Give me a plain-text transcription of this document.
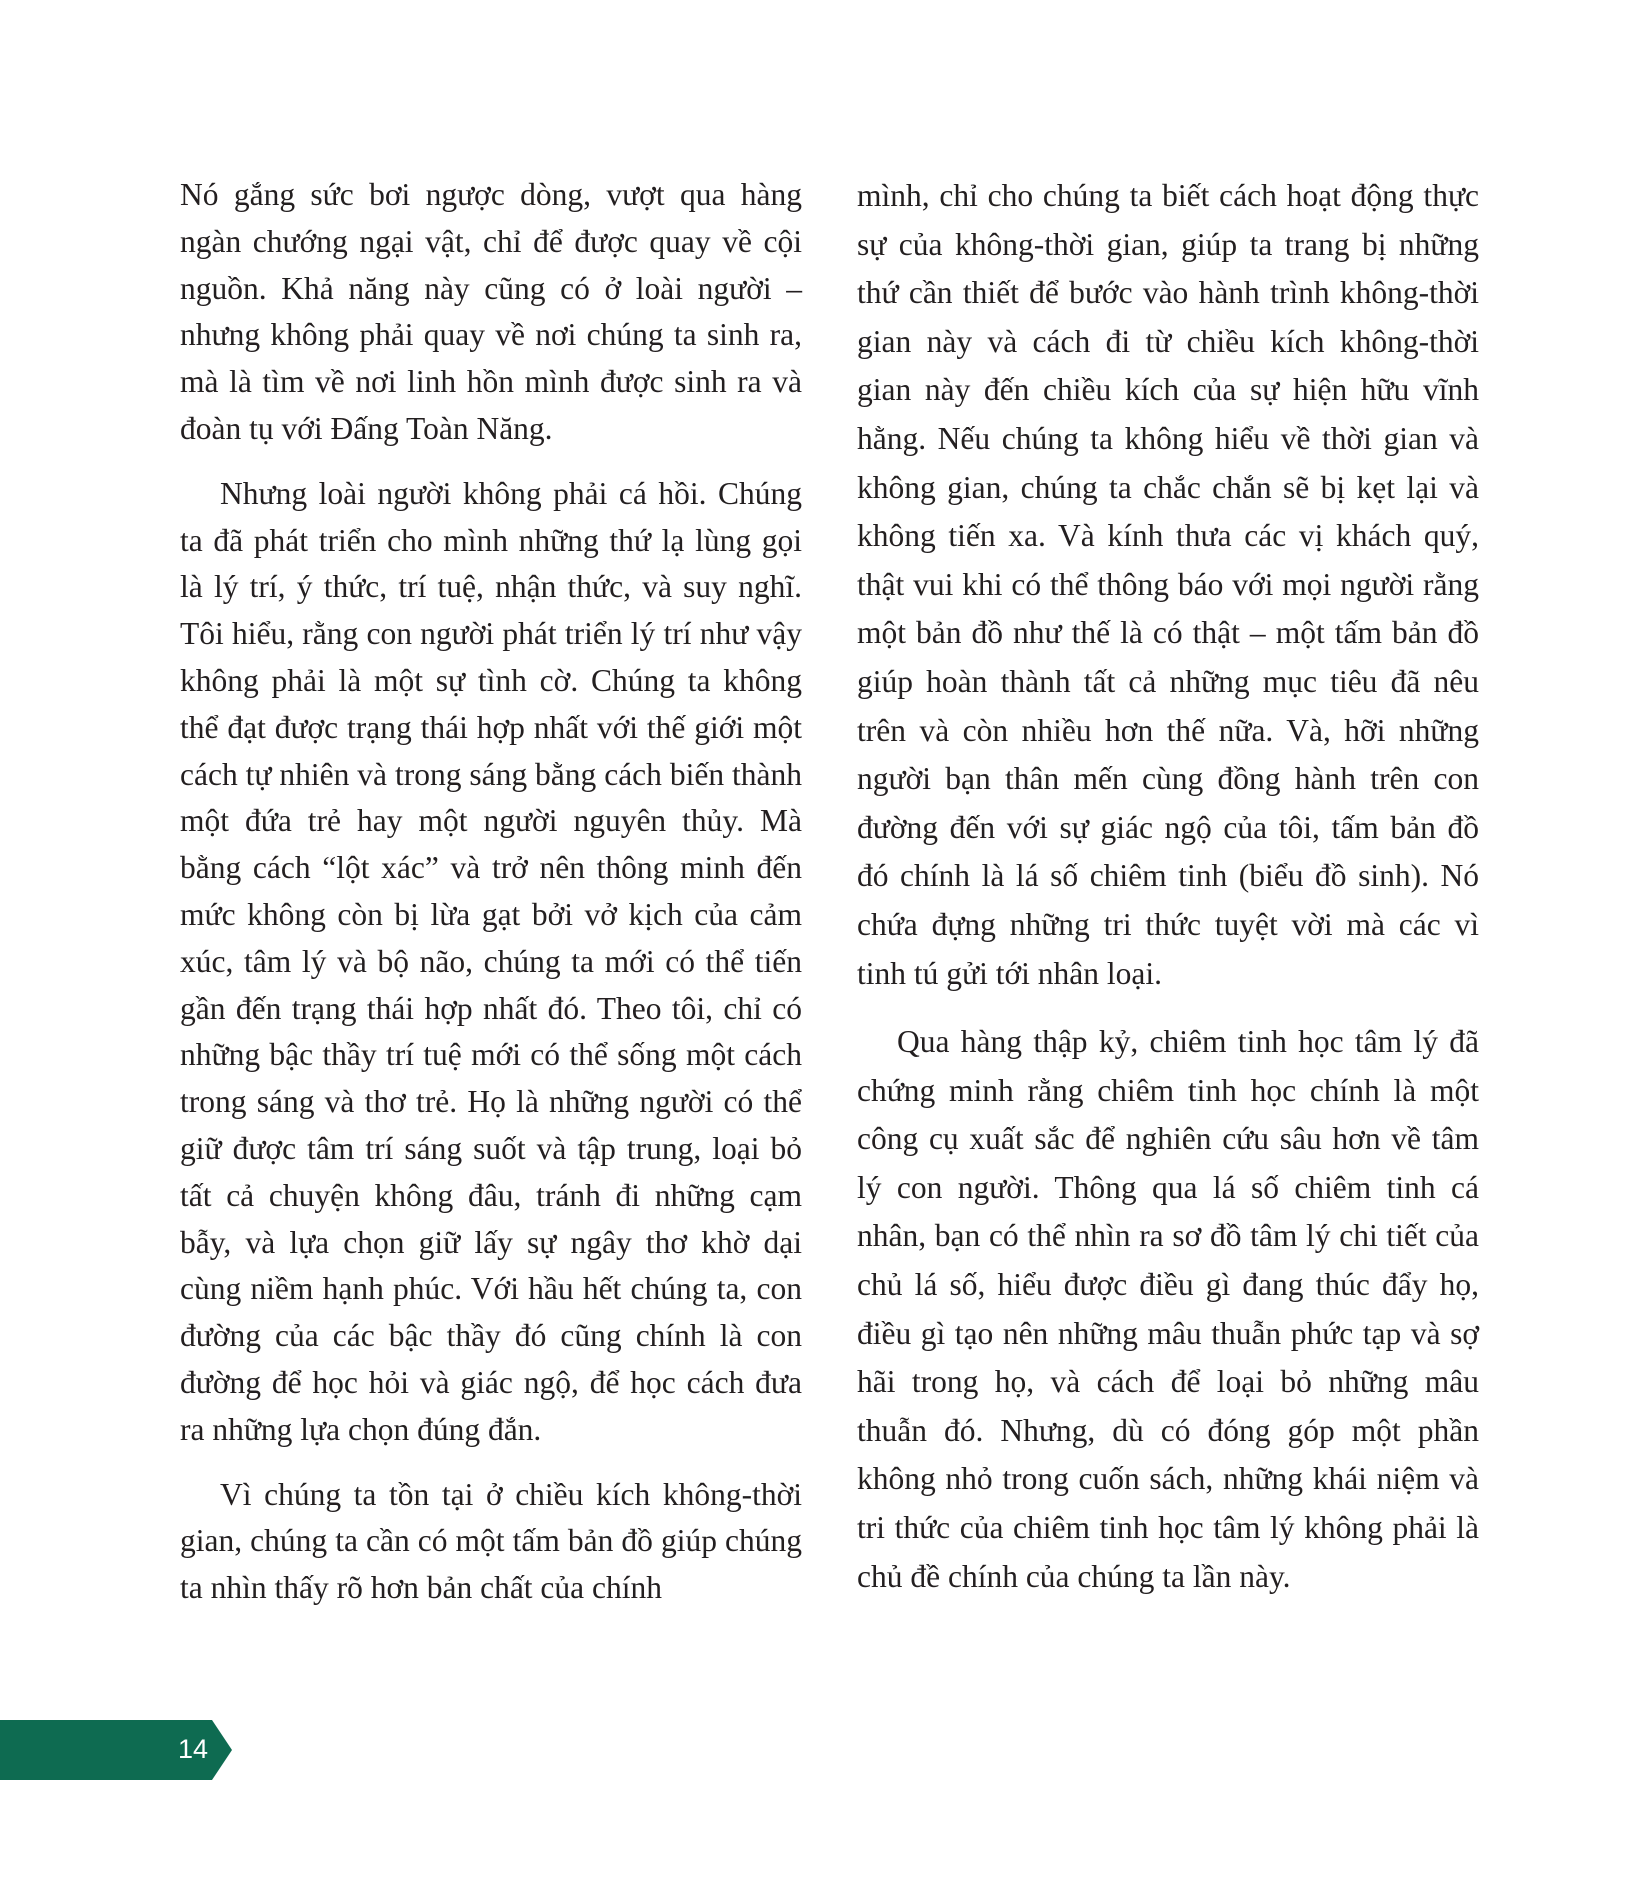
Nó gắng sức bơi ngược dòng, vượt qua hàng ngàn chướng ngại vật, chỉ để được quay về cội nguồn. Khả năng này cũng có ở loài người – nhưng không phải quay về nơi chúng ta sinh ra, mà là tìm về nơi linh hồn mình được sinh ra và đoàn tụ với Đấng Toàn Năng.

Nhưng loài người không phải cá hồi. Chúng ta đã phát triển cho mình những thứ lạ lùng gọi là lý trí, ý thức, trí tuệ, nhận thức, và suy nghĩ. Tôi hiểu, rằng con người phát triển lý trí như vậy không phải là một sự tình cờ. Chúng ta không thể đạt được trạng thái hợp nhất với thế giới một cách tự nhiên và trong sáng bằng cách biến thành một đứa trẻ hay một người nguyên thủy. Mà bằng cách “lột xác” và trở nên thông minh đến mức không còn bị lừa gạt bởi vở kịch của cảm xúc, tâm lý và bộ não, chúng ta mới có thể tiến gần đến trạng thái hợp nhất đó. Theo tôi, chỉ có những bậc thầy trí tuệ mới có thể sống một cách trong sáng và thơ trẻ. Họ là những người có thể giữ được tâm trí sáng suốt và tập trung, loại bỏ tất cả chuyện không đâu, tránh đi những cạm bẫy, và lựa chọn giữ lấy sự ngây thơ khờ dại cùng niềm hạnh phúc. Với hầu hết chúng ta, con đường của các bậc thầy đó cũng chính là con đường để học hỏi và giác ngộ, để học cách đưa ra những lựa chọn đúng đắn.

Vì chúng ta tồn tại ở chiều kích không-thời gian, chúng ta cần có một tấm bản đồ giúp chúng ta nhìn thấy rõ hơn bản chất của chính

mình, chỉ cho chúng ta biết cách hoạt động thực sự của không-thời gian, giúp ta trang bị những thứ cần thiết để bước vào hành trình không-thời gian này và cách đi từ chiều kích không-thời gian này đến chiều kích của sự hiện hữu vĩnh hằng. Nếu chúng ta không hiểu về thời gian và không gian, chúng ta chắc chắn sẽ bị kẹt lại và không tiến xa. Và kính thưa các vị khách quý, thật vui khi có thể thông báo với mọi người rằng một bản đồ như thế là có thật – một tấm bản đồ giúp hoàn thành tất cả những mục tiêu đã nêu trên và còn nhiều hơn thế nữa. Và, hỡi những người bạn thân mến cùng đồng hành trên con đường đến với sự giác ngộ của tôi, tấm bản đồ đó chính là lá số chiêm tinh (biểu đồ sinh). Nó chứa đựng những tri thức tuyệt vời mà các vì tinh tú gửi tới nhân loại.

Qua hàng thập kỷ, chiêm tinh học tâm lý đã chứng minh rằng chiêm tinh học chính là một công cụ xuất sắc để nghiên cứu sâu hơn về tâm lý con người. Thông qua lá số chiêm tinh cá nhân, bạn có thể nhìn ra sơ đồ tâm lý chi tiết của chủ lá số, hiểu được điều gì đang thúc đẩy họ, điều gì tạo nên những mâu thuẫn phức tạp và sợ hãi trong họ, và cách để loại bỏ những mâu thuẫn đó. Nhưng, dù có đóng góp một phần không nhỏ trong cuốn sách, những khái niệm và tri thức của chiêm tinh học tâm lý không phải là chủ đề chính của chúng ta lần này.

14
